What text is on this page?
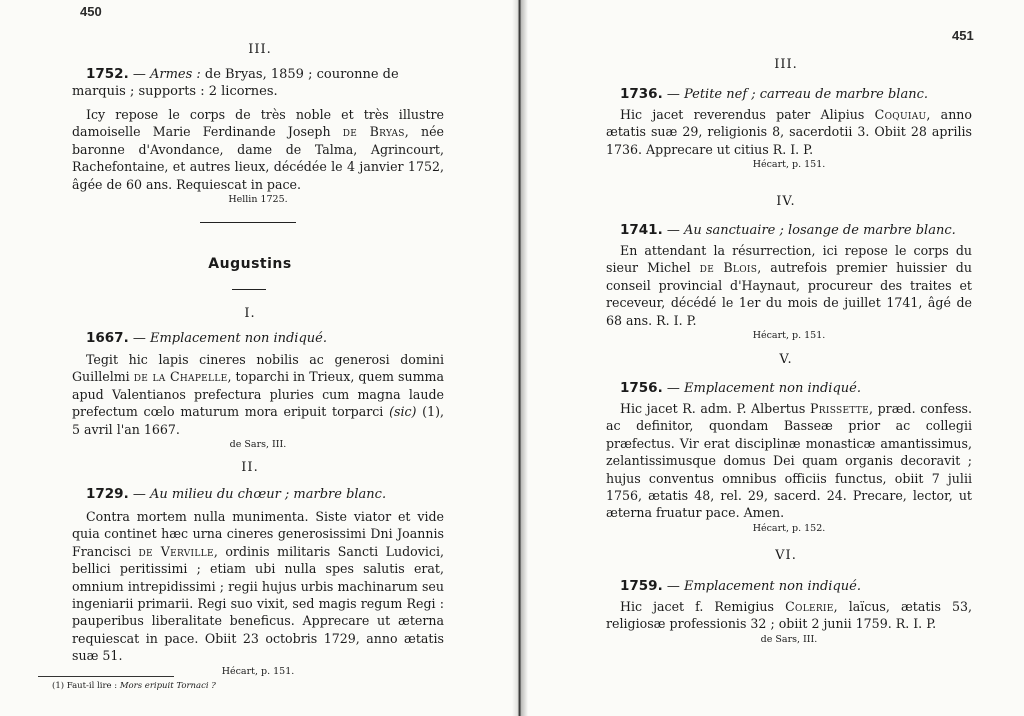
450
III.
1752. — Armes : de Bryas, 1859 ; couronne de marquis ; supports : 2 licornes.
Icy repose le corps de très noble et très illustre damoiselle Marie Ferdinande Joseph de Bryas, née baronne d'Avondance, dame de Talma, Agrincourt, Rachefontaine, et autres lieux, décédée le 4 janvier 1752, âgée de 60 ans. Requiescat in pace.
Hellin 1725.
Augustins
I.
1667. — Emplacement non indiqué.
Tegit hic lapis cineres nobilis ac generosi domini Guillelmi de la Chapelle, toparchi in Trieux, quem summa apud Valentianos prefectura pluries cum magna laude prefectum cœlo maturum mora eripuit torparci (sic) (1), 5 avril l'an 1667.
de Sars, III.
II.
1729. — Au milieu du chœur ; marbre blanc.
Contra mortem nulla munimenta. Siste viator et vide quia continet hæc urna cineres generosissimi Dni Joannis Francisci de Verville, ordinis militaris Sancti Ludovici, bellici peritissimi ; etiam ubi nulla spes salutis erat, omnium intrepidissimi ; regii hujus urbis machinarum seu ingeniarii primarii. Regi suo vixit, sed magis regum Regi : pauperibus liberalitate beneficus. Apprecare ut æterna requiescat in pace. Obiit 23 octobris 1729, anno ætatis suæ 51.
Hécart, p. 151.
(1) Faut-il lire : Mors eripuit Tornaci ?
451
III.
1736. — Petite nef ; carreau de marbre blanc.
Hic jacet reverendus pater Alipius Coquiau, anno ætatis suæ 29, religionis 8, sacerdotii 3. Obiit 28 aprilis 1736. Apprecare ut citius R. I. P.
Hécart, p. 151.
IV.
1741. — Au sanctuaire ; losange de marbre blanc.
En attendant la résurrection, ici repose le corps du sieur Michel de Blois, autrefois premier huissier du conseil provincial d'Haynaut, procureur des traites et receveur, décédé le 1er du mois de juillet 1741, âgé de 68 ans. R. I. P.
Hécart, p. 151.
V.
1756. — Emplacement non indiqué.
Hic jacet R. adm. P. Albertus Prissette, præd. confess. ac definitor, quondam Basseæ prior ac collegii præfectus. Vir erat disciplinæ monasticæ amantissimus, zelantissimusque domus Dei quam organis decoravit ; hujus conventus omnibus officiis functus, obiit 7 julii 1756, ætatis 48, rel. 29, sacerd. 24. Precare, lector, ut æterna fruatur pace. Amen.
Hécart, p. 152.
VI.
1759. — Emplacement non indiqué.
Hic jacet f. Remigius Colerie, laïcus, ætatis 53, religiosæ professionis 32 ; obiit 2 junii 1759. R. I. P.
de Sars, III.
